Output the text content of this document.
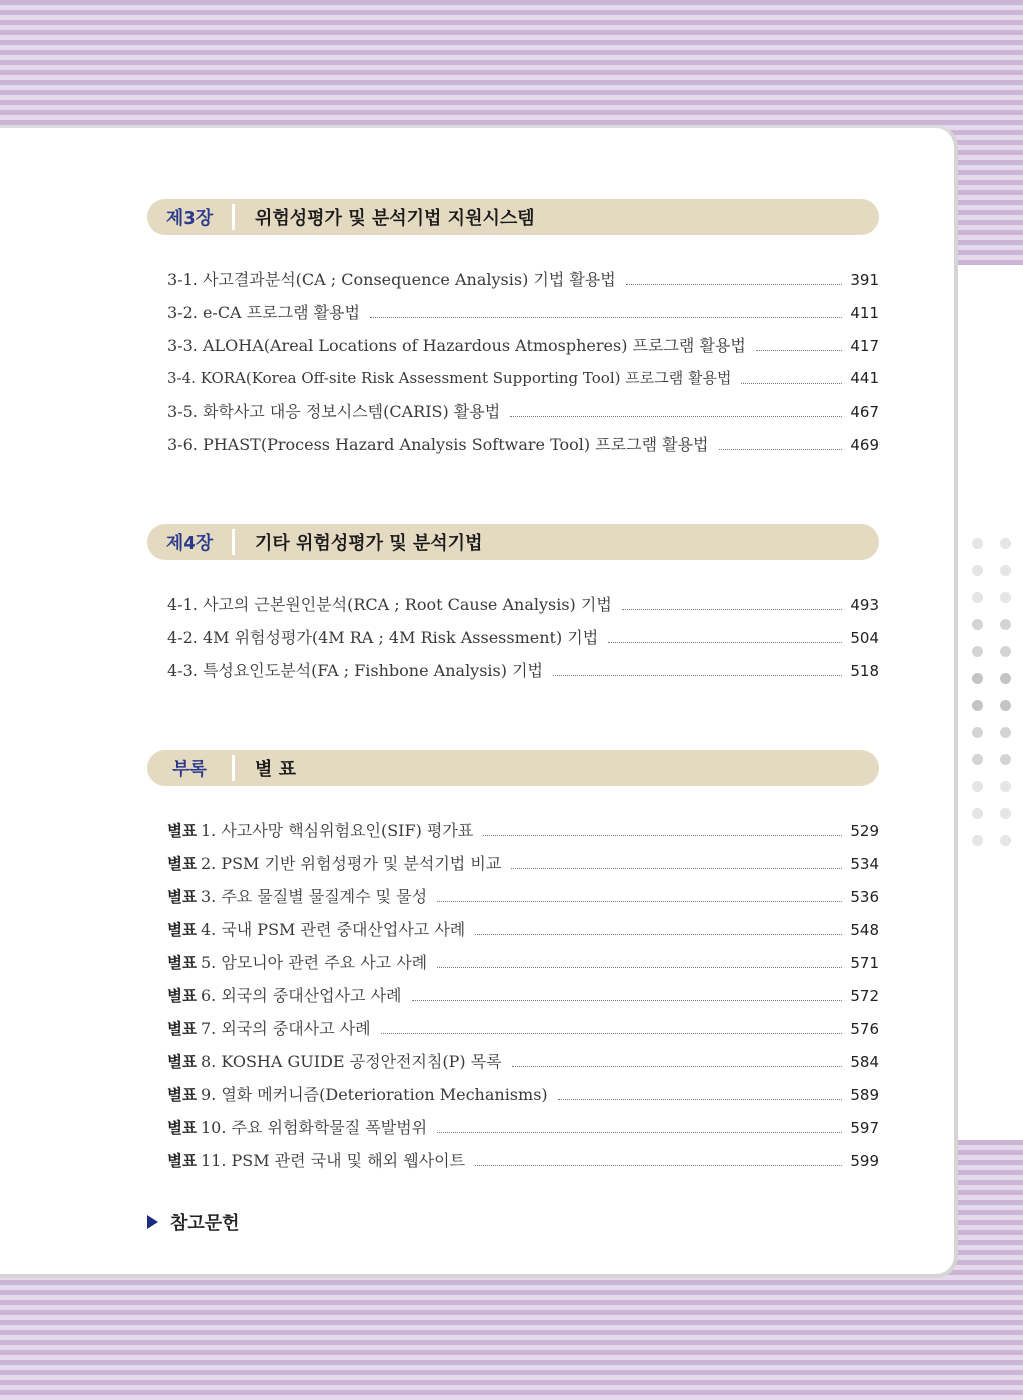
제3장	위험성평가 및 분석기법 지원시스템
3-1. 사고결과분석(CA ; Consequence Analysis) 기법 활용법	391
3-2. e-CA 프로그램 활용법	411
3-3. ALOHA(Areal Locations of Hazardous Atmospheres) 프로그램 활용법	417
3-4. KORA(Korea Off-site Risk Assessment Supporting Tool) 프로그램 활용법	441
3-5. 화학사고 대응 정보시스템(CARIS) 활용법	467
3-6. PHAST(Process Hazard Analysis Software Tool) 프로그램 활용법	469
제4장	기타 위험성평가 및 분석기법
4-1. 사고의 근본원인분석(RCA ; Root Cause Analysis) 기법	493
4-2. 4M 위험성평가(4M RA ; 4M Risk Assessment) 기법	504
4-3. 특성요인도분석(FA ; Fishbone Analysis) 기법	518
부록	별 표
별표 1. 사고사망 핵심위험요인(SIF) 평가표	529
별표 2. PSM 기반 위험성평가 및 분석기법 비교	534
별표 3. 주요 물질별 물질계수 및 물성	536
별표 4. 국내 PSM 관련 중대산업사고 사례	548
별표 5. 암모니아 관련 주요 사고 사례	571
별표 6. 외국의 중대산업사고 사례	572
별표 7. 외국의 중대사고 사례	576
별표 8. KOSHA GUIDE 공정안전지침(P) 목록	584
별표 9. 열화 메커니즘(Deterioration Mechanisms)	589
별표 10. 주요 위험화학물질 폭발범위	597
별표 11. PSM 관련 국내 및 해외 웹사이트	599
참고문헌
